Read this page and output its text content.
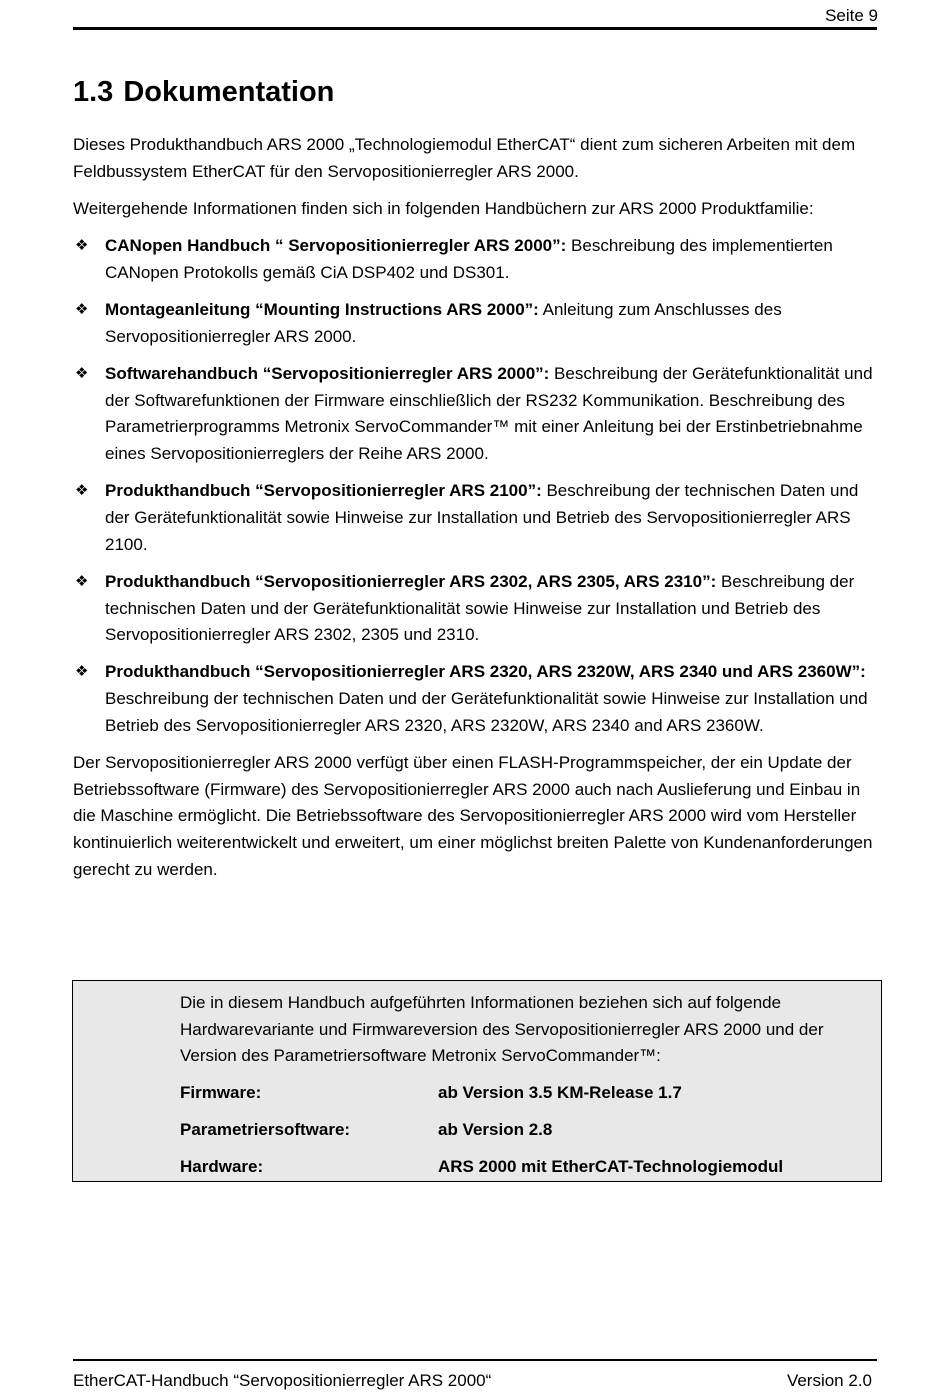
Seite 9
1.3 Dokumentation

Dieses Produkthandbuch ARS 2000 „Technologiemodul EtherCAT“ dient zum sicheren Arbeiten mit dem Feldbussystem EtherCAT für den Servopositionierregler ARS 2000.

Weitergehende Informationen finden sich in folgenden Handbüchern zur ARS 2000 Produktfamilie:

❖ CANopen Handbuch “ Servopositionierregler ARS 2000”: Beschreibung des implementierten CANopen Protokolls gemäß CiA DSP402 und DS301.
❖ Montageanleitung “Mounting Instructions ARS 2000”: Anleitung zum Anschlusses des Servopositionierregler ARS 2000.
❖ Softwarehandbuch “Servopositionierregler ARS 2000”: Beschreibung der Gerätefunktionalität und der Softwarefunktionen der Firmware einschließlich der RS232 Kommunikation. Beschreibung des Parametrierprogramms Metronix ServoCommander™ mit einer Anleitung bei der Erstinbetriebnahme eines Servopositionierreglers der Reihe ARS 2000.
❖ Produkthandbuch “Servopositionierregler ARS 2100”: Beschreibung der technischen Daten und der Gerätefunktionalität sowie Hinweise zur Installation und Betrieb des Servopositionierregler ARS 2100.
❖ Produkthandbuch “Servopositionierregler ARS 2302, ARS 2305, ARS 2310”: Beschreibung der technischen Daten und der Gerätefunktionalität sowie Hinweise zur Installation und Betrieb des Servopositionierregler ARS 2302, 2305 und 2310.
❖ Produkthandbuch “Servopositionierregler ARS 2320, ARS 2320W, ARS 2340 und ARS 2360W”: Beschreibung der technischen Daten und der Gerätefunktionalität sowie Hinweise zur Installation und Betrieb des Servopositionierregler ARS 2320, ARS 2320W, ARS 2340 and ARS 2360W.

Der Servopositionierregler ARS 2000 verfügt über einen FLASH-Programmspeicher, der ein Update der Betriebssoftware (Firmware) des Servopositionierregler ARS 2000 auch nach Auslieferung und Einbau in die Maschine ermöglicht. Die Betriebssoftware des Servopositionierregler ARS 2000 wird vom Hersteller kontinuierlich weiterentwickelt und erweitert, um einer möglichst breiten Palette von Kundenanforderungen gerecht zu werden.

Die in diesem Handbuch aufgeführten Informationen beziehen sich auf folgende Hardwarevariante und Firmwareversion des Servopositionierregler ARS 2000 und der Version des Parametriersoftware Metronix ServoCommander™:

Firmware:	ab Version 3.5 KM-Release 1.7
Parametriersoftware:	ab Version 2.8
Hardware:	ARS 2000 mit EtherCAT-Technologiemodul
EtherCAT-Handbuch “Servopositionierregler ARS 2000“	Version 2.0
